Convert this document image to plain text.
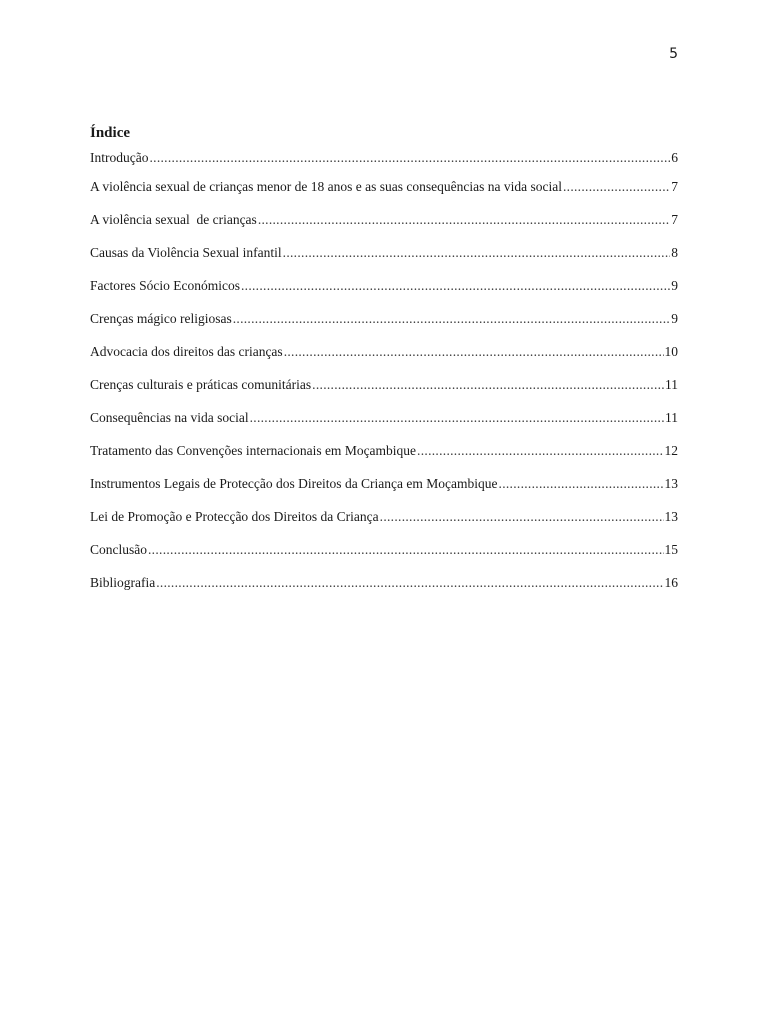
5
Índice
Introdução .....	6
A violência sexual de crianças menor de 18 anos e as suas consequências na vida social .....	7
A violência sexual  de crianças .....	7
Causas da Violência Sexual infantil .....	8
Factores Sócio Económicos .....	9
Crenças mágico religiosas .....	9
Advocacia dos direitos das crianças .....	10
Crenças culturais e práticas comunitárias .....	11
Consequências na vida social .....	11
Tratamento das Convenções internacionais em Moçambique .....	12
Instrumentos Legais de Protecção dos Direitos da Criança em Moçambique .....	13
Lei de Promoção e Protecção dos Direitos da Criança .....	13
Conclusão .....	15
Bibliografia .....	16
